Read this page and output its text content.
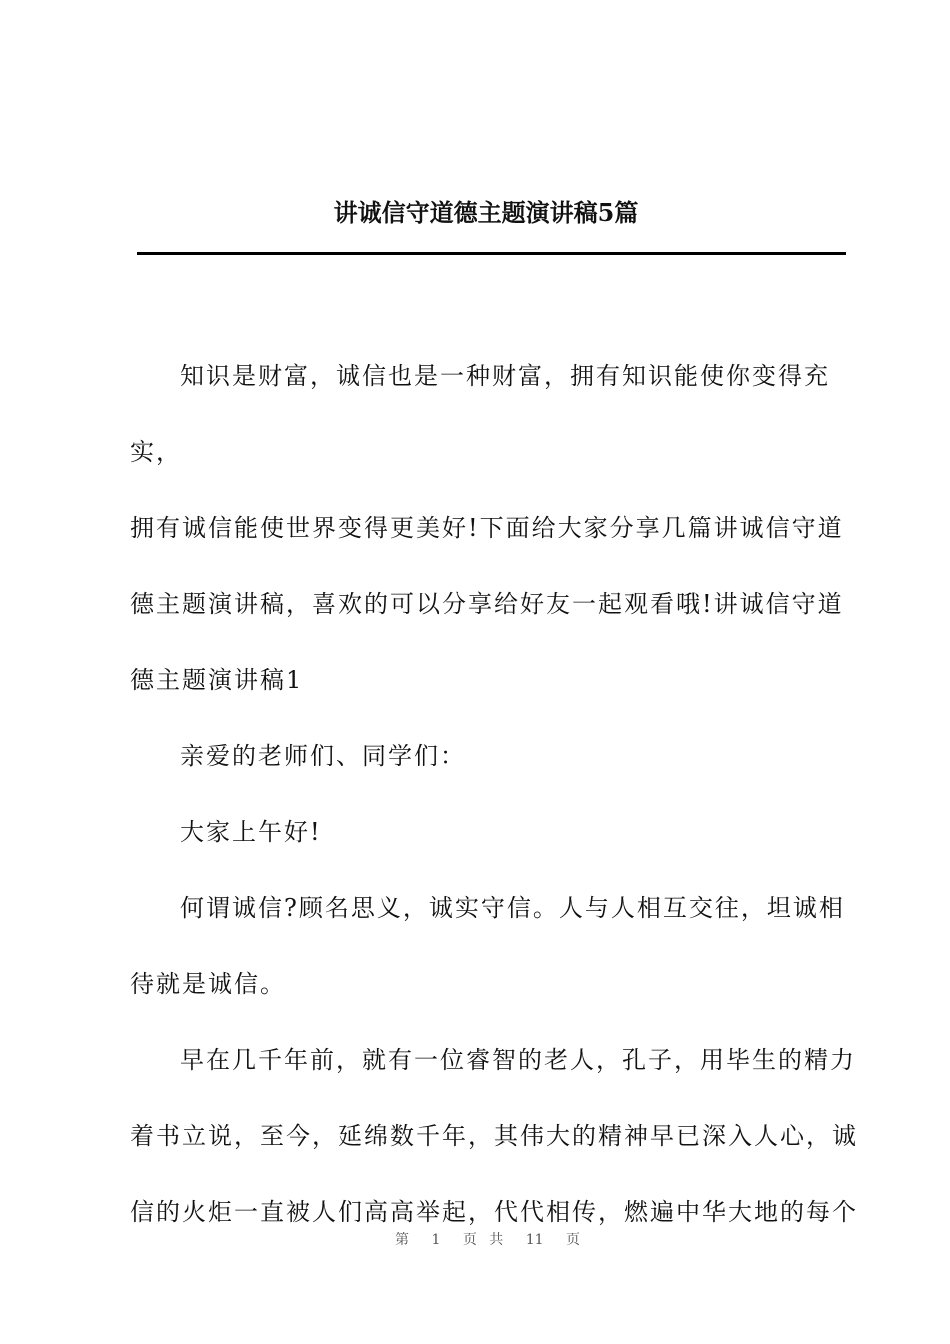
讲诚信守道德主题演讲稿5篇

知识是财富，诚信也是一种财富，拥有知识能使你变得充实，
拥有诚信能使世界变得更美好!下面给大家分享几篇讲诚信守道
德主题演讲稿，喜欢的可以分享给好友一起观看哦!讲诚信守道
德主题演讲稿1

亲爱的老师们、同学们：

大家上午好!

何谓诚信?顾名思义，诚实守信。人与人相互交往，坦诚相
待就是诚信。

早在几千年前，就有一位睿智的老人，孔子，用毕生的精力
着书立说，至今，延绵数千年，其伟大的精神早已深入人心，诚
信的火炬一直被人们高高举起，代代相传，燃遍中华大地的每个

第 1 页 共 11 页
